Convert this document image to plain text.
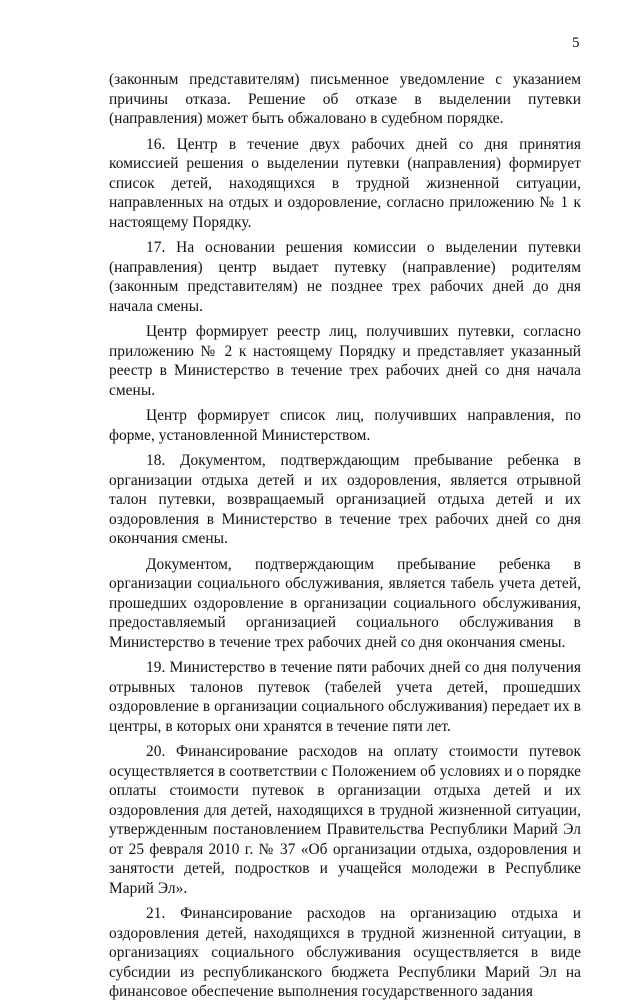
5

(законным представителям) письменное уведомление с указанием причины отказа. Решение об отказе в выделении путевки (направления) может быть обжаловано в судебном порядке.

16. Центр в течение двух рабочих дней со дня принятия комиссией решения о выделении путевки (направления) формирует список детей, находящихся в трудной жизненной ситуации, направленных на отдых и оздоровление, согласно приложению № 1 к настоящему Порядку.

17. На основании решения комиссии о выделении путевки (направления) центр выдает путевку (направление) родителям (законным представителям) не позднее трех рабочих дней до дня начала смены.

Центр формирует реестр лиц, получивших путевки, согласно приложению № 2 к настоящему Порядку и представляет указанный реестр в Министерство в течение трех рабочих дней со дня начала смены.

Центр формирует список лиц, получивших направления, по форме, установленной Министерством.

18. Документом, подтверждающим пребывание ребенка в организации отдыха детей и их оздоровления, является отрывной талон путевки, возвращаемый организацией отдыха детей и их оздоровления в Министерство в течение трех рабочих дней со дня окончания смены.

Документом, подтверждающим пребывание ребенка в организации социального обслуживания, является табель учета детей, прошедших оздоровление в организации социального обслуживания, предоставляемый организацией социального обслуживания в Министерство в течение трех рабочих дней со дня окончания смены.

19. Министерство в течение пяти рабочих дней со дня получения отрывных талонов путевок (табелей учета детей, прошедших оздоровление в организации социального обслуживания) передает их в центры, в которых они хранятся в течение пяти лет.

20. Финансирование расходов на оплату стоимости путевок осуществляется в соответствии с Положением об условиях и о порядке оплаты стоимости путевок в организации отдыха детей и их оздоровления для детей, находящихся в трудной жизненной ситуации, утвержденным постановлением Правительства Республики Марий Эл от 25 февраля 2010 г. № 37 «Об организации отдыха, оздоровления и занятости детей, подростков и учащейся молодежи в Республике Марий Эл».

21. Финансирование расходов на организацию отдыха и оздоровления детей, находящихся в трудной жизненной ситуации, в организациях социального обслуживания осуществляется в виде субсидии из республиканского бюджета Республики Марий Эл на финансовое обеспечение выполнения государственного задания
